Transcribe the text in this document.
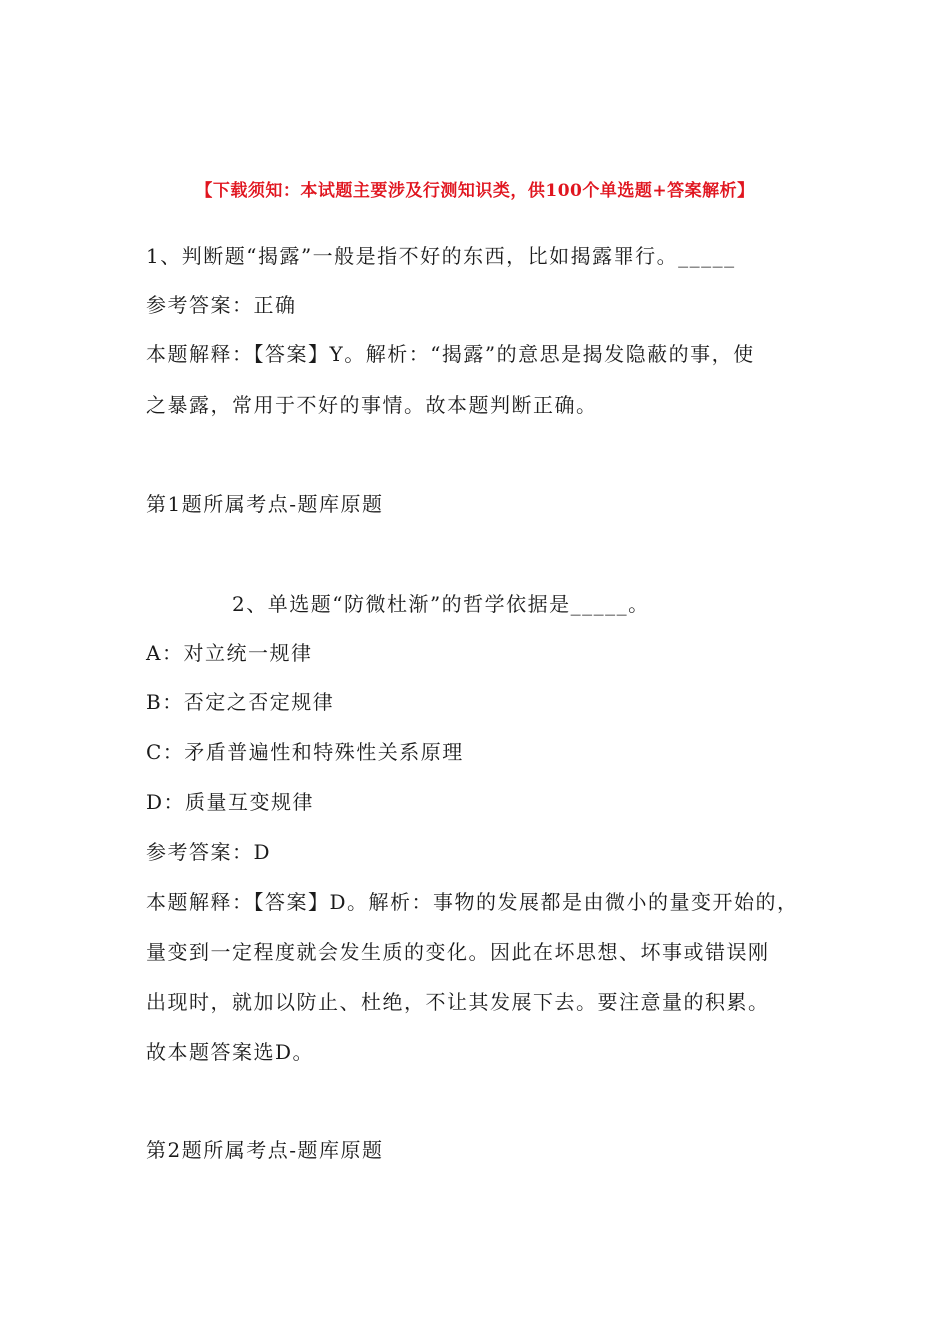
【下载须知：本试题主要涉及行测知识类，供100个单选题+答案解析】
1、判断题“揭露”一般是指不好的东西，比如揭露罪行。_____
参考答案：正确
本题解释：【答案】Y。解析：“揭露”的意思是揭发隐蔽的事，使
之暴露，常用于不好的事情。故本题判断正确。
第1题所属考点-题库原题
2、单选题“防微杜渐”的哲学依据是_____。
A：对立统一规律
B：否定之否定规律
C：矛盾普遍性和特殊性关系原理
D：质量互变规律
参考答案：D
本题解释：【答案】D。解析：事物的发展都是由微小的量变开始的，
量变到一定程度就会发生质的变化。因此在坏思想、坏事或错误刚
出现时，就加以防止、杜绝，不让其发展下去。要注意量的积累。
故本题答案选D。
第2题所属考点-题库原题
